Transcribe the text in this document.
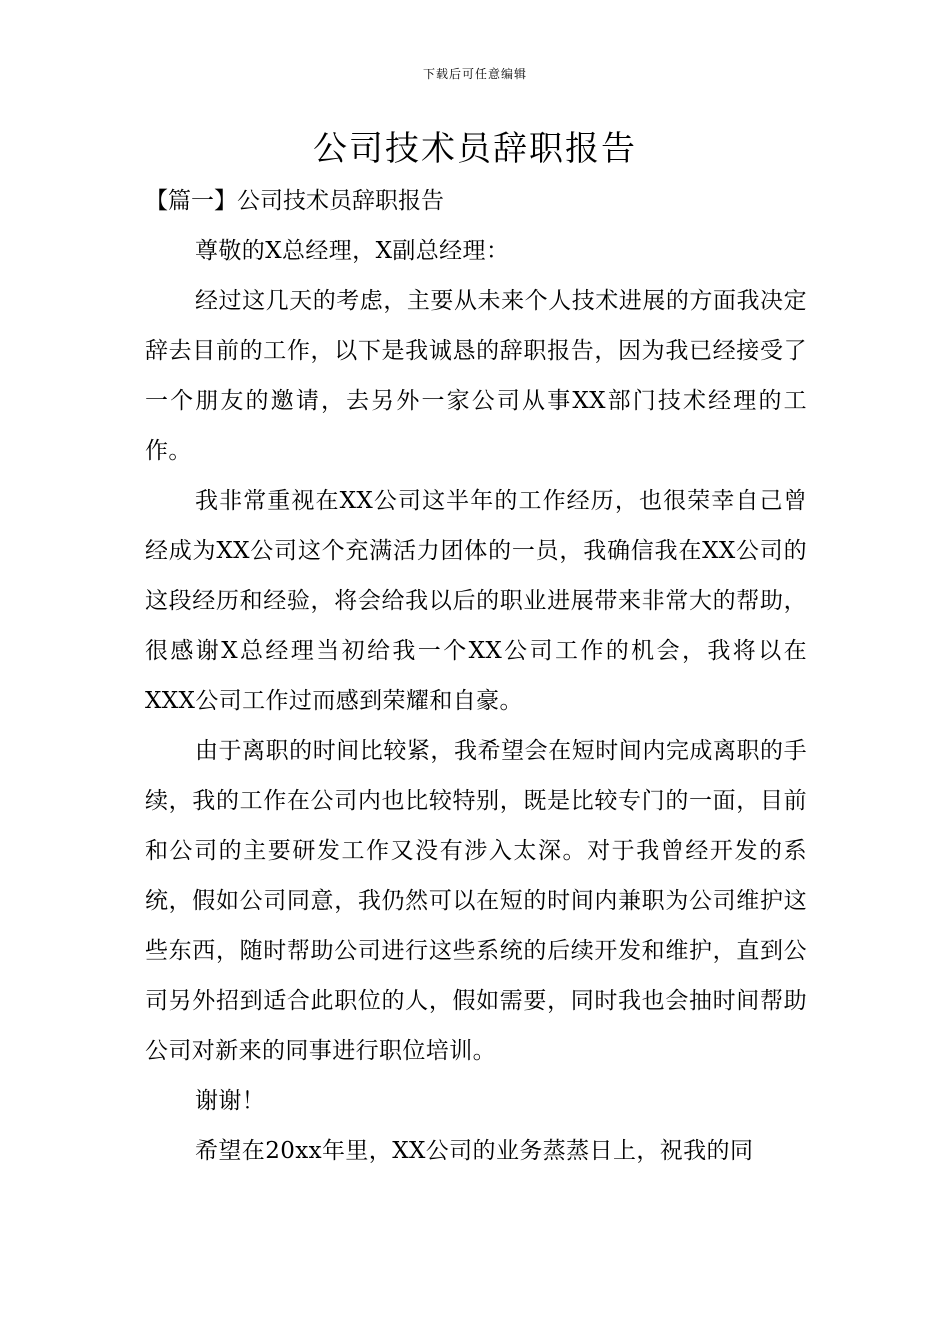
下载后可任意编辑
公司技术员辞职报告
【篇一】公司技术员辞职报告

尊敬的X总经理，X副总经理：

经过这几天的考虑，主要从未来个人技术进展的方面我决定辞去目前的工作，以下是我诚恳的辞职报告，因为我已经接受了一个朋友的邀请，去另外一家公司从事XX部门技术经理的工作。

我非常重视在XX公司这半年的工作经历，也很荣幸自己曾经成为XX公司这个充满活力团体的一员，我确信我在XX公司的这段经历和经验，将会给我以后的职业进展带来非常大的帮助，很感谢X总经理当初给我一个XX公司工作的机会，我将以在XXX公司工作过而感到荣耀和自豪。

由于离职的时间比较紧，我希望会在短时间内完成离职的手续，我的工作在公司内也比较特别，既是比较专门的一面，目前和公司的主要研发工作又没有涉入太深。对于我曾经开发的系统，假如公司同意，我仍然可以在短的时间内兼职为公司维护这些东西，随时帮助公司进行这些系统的后续开发和维护，直到公司另外招到适合此职位的人，假如需要，同时我也会抽时间帮助公司对新来的同事进行职位培训。

谢谢！

希望在20xx年里，XX公司的业务蒸蒸日上，祝我的同
